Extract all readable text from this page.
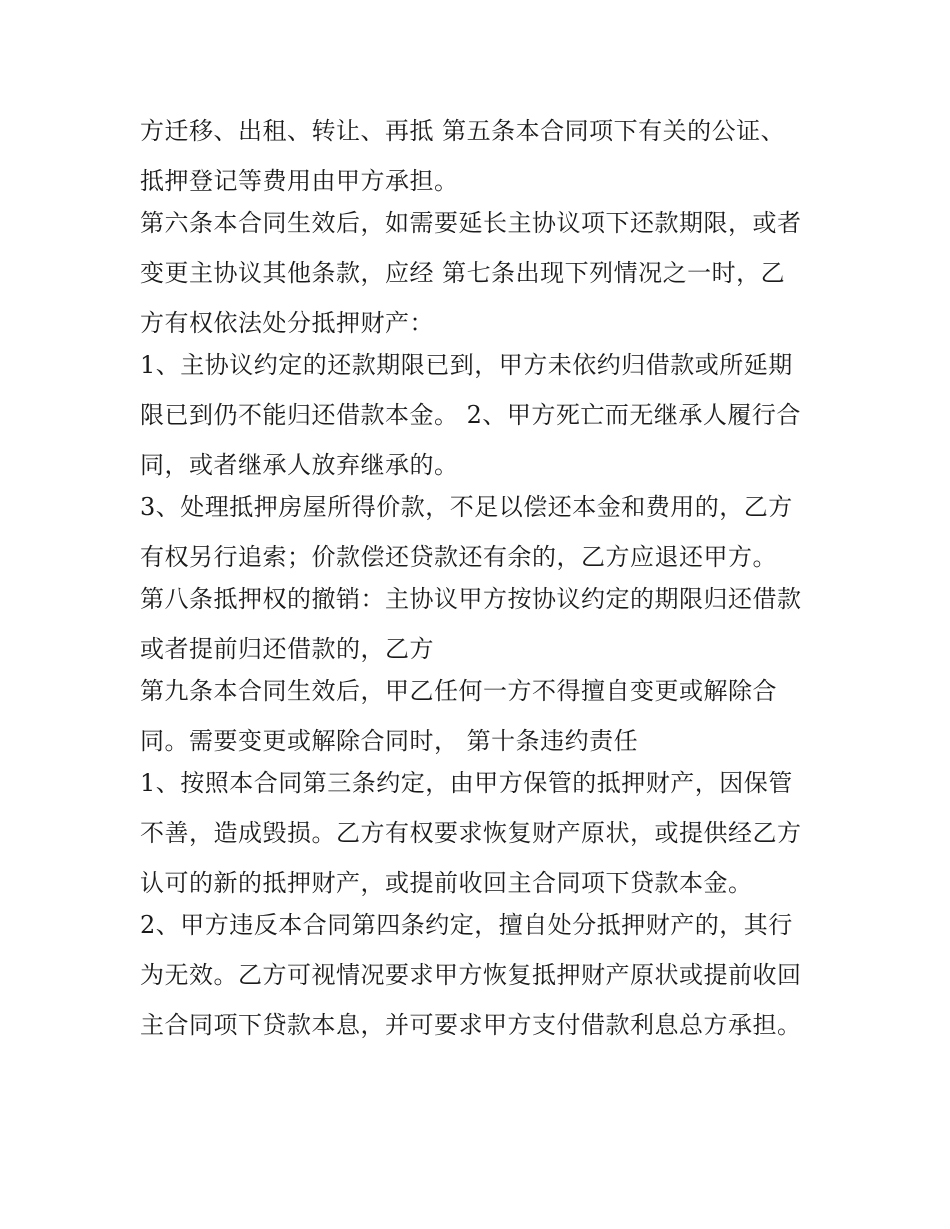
方迁移、出租、转让、再抵 第五条本合同项下有关的公证、
抵押登记等费用由甲方承担。
第六条本合同生效后，如需要延长主协议项下还款期限，或者
变更主协议其他条款，应经 第七条出现下列情况之一时，乙
方有权依法处分抵押财产：
1、主协议约定的还款期限已到，甲方未依约归借款或所延期
限已到仍不能归还借款本金。 2、甲方死亡而无继承人履行合
同，或者继承人放弃继承的。
3、处理抵押房屋所得价款，不足以偿还本金和费用的，乙方
有权另行追索；价款偿还贷款还有余的，乙方应退还甲方。
第八条抵押权的撤销：主协议甲方按协议约定的期限归还借款
或者提前归还借款的，乙方
第九条本合同生效后，甲乙任何一方不得擅自变更或解除合
同。需要变更或解除合同时， 第十条违约责任
1、按照本合同第三条约定，由甲方保管的抵押财产，因保管
不善，造成毁损。乙方有权要求恢复财产原状，或提供经乙方
认可的新的抵押财产，或提前收回主合同项下贷款本金。
2、甲方违反本合同第四条约定，擅自处分抵押财产的，其行
为无效。乙方可视情况要求甲方恢复抵押财产原状或提前收回
主合同项下贷款本息，并可要求甲方支付借款利息总方承担。
